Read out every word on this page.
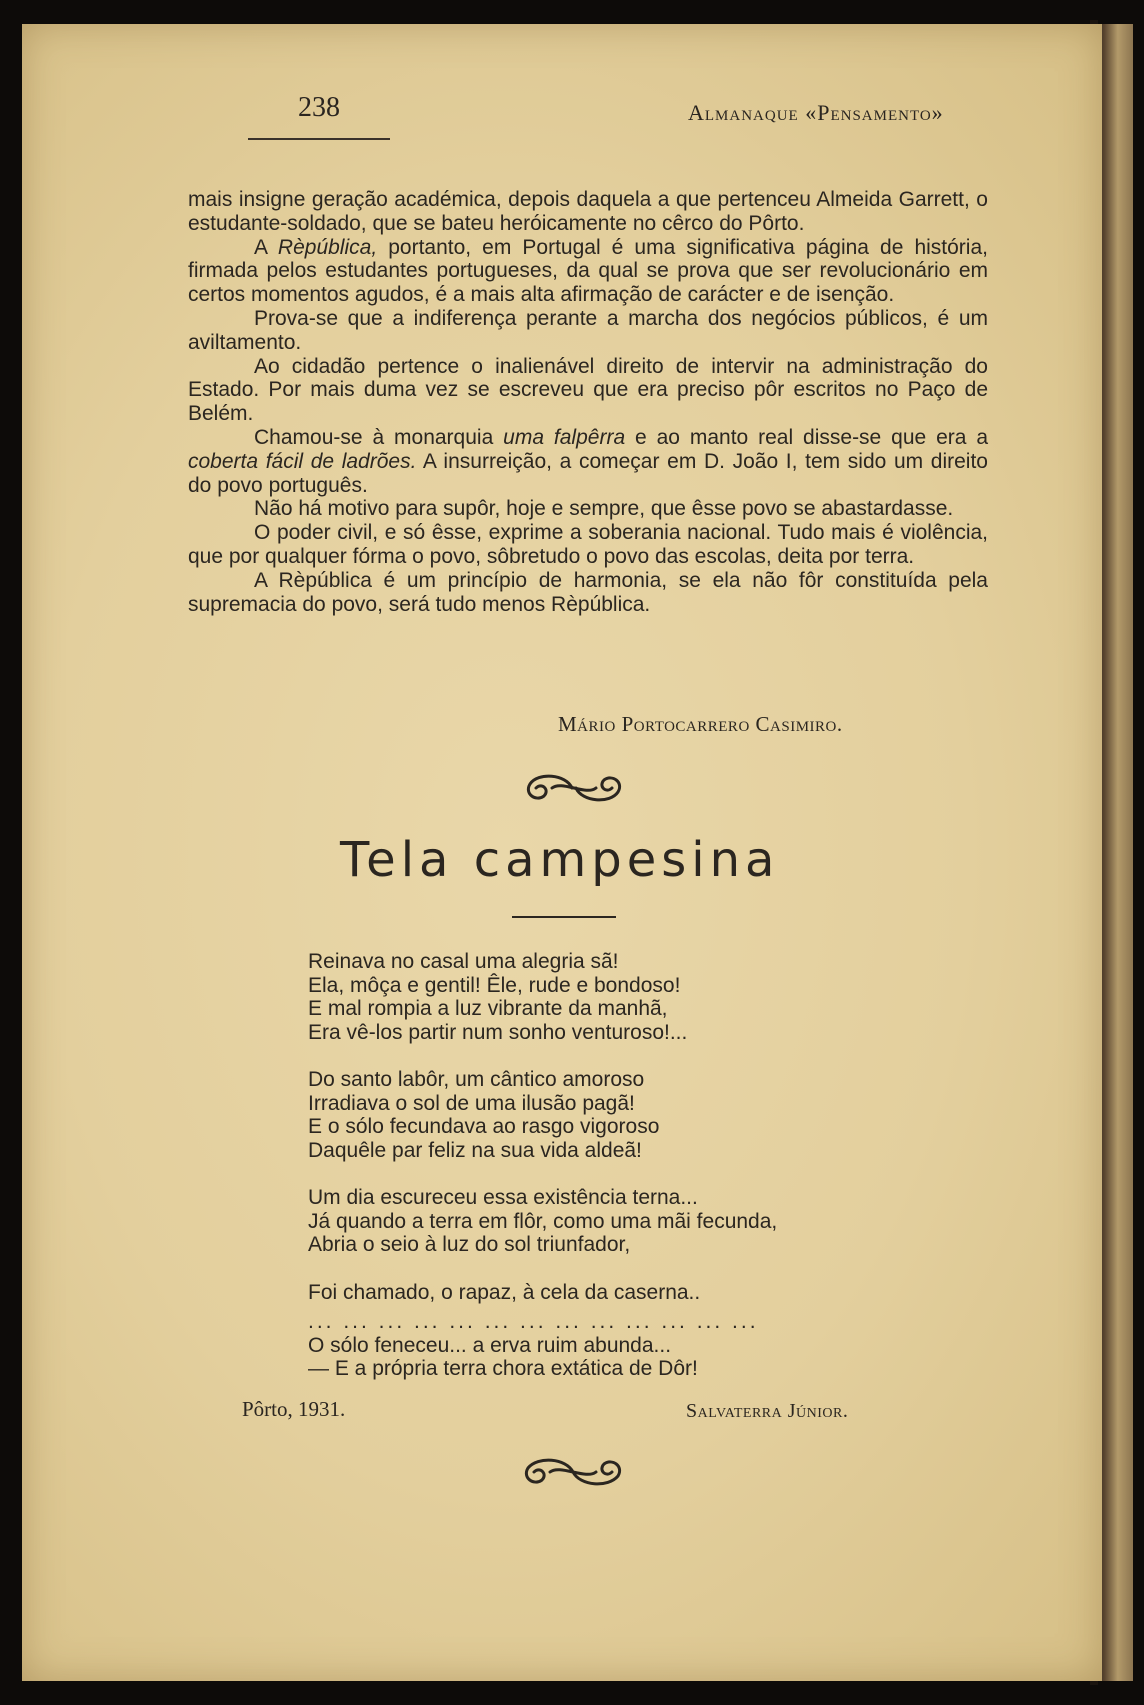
238	Almanaque «Pensamento»

mais insigne geração académica, depois daquela a que pertenceu Almeida Garrett, o estudante-soldado, que se bateu heróicamente no cêrco do Pôrto.

A Rèpública, portanto, em Portugal é uma significativa página de história, firmada pelos estudantes portugueses, da qual se prova que ser revolucionário em certos momentos agudos, é a mais alta afirmação de carácter e de isenção.

Prova-se que a indiferença perante a marcha dos negócios públicos, é um aviltamento.

Ao cidadão pertence o inalienável direito de intervir na administração do Estado. Por mais duma vez se escreveu que era preciso pôr escritos no Paço de Belém.

Chamou-se à monarquia uma falpêrra e ao manto real disse-se que era a coberta fácil de ladrões. A insurreição, a começar em D. João I, tem sido um direito do povo português.

Não há motivo para supôr, hoje e sempre, que êsse povo se abastardasse.

O poder civil, e só êsse, exprime a soberania nacional. Tudo mais é violência, que por qualquer fórma o povo, sôbretudo o povo das escolas, deita por terra.

A Rèpública é um princípio de harmonia, se ela não fôr constituída pela supremacia do povo, será tudo menos Rèpública.

Mário Portocarrero Casimiro.
Tela campesina
Reinava no casal uma alegria sã!
Ela, môça e gentil! Êle, rude e bondoso!
E mal rompia a luz vibrante da manhã,
Era vê-los partir num sonho venturoso!...
Do santo labôr, um cântico amoroso
Irradiava o sol de uma ilusão pagã!
E o sólo fecundava ao rasgo vigoroso
Daquêle par feliz na sua vida aldeã!
Um dia escureceu essa existência terna...
Já quando a terra em flôr, como uma mãi fecunda,
Abria o seio à luz do sol triunfador,
Foi chamado, o rapaz, à cela da caserna..
... ... ... ... ... ... ... ... ... ... ... ... ...
O sólo feneceu... a erva ruim abunda...
— E a própria terra chora extática de Dôr!
Pôrto, 1931.	Salvaterra Júnior.
